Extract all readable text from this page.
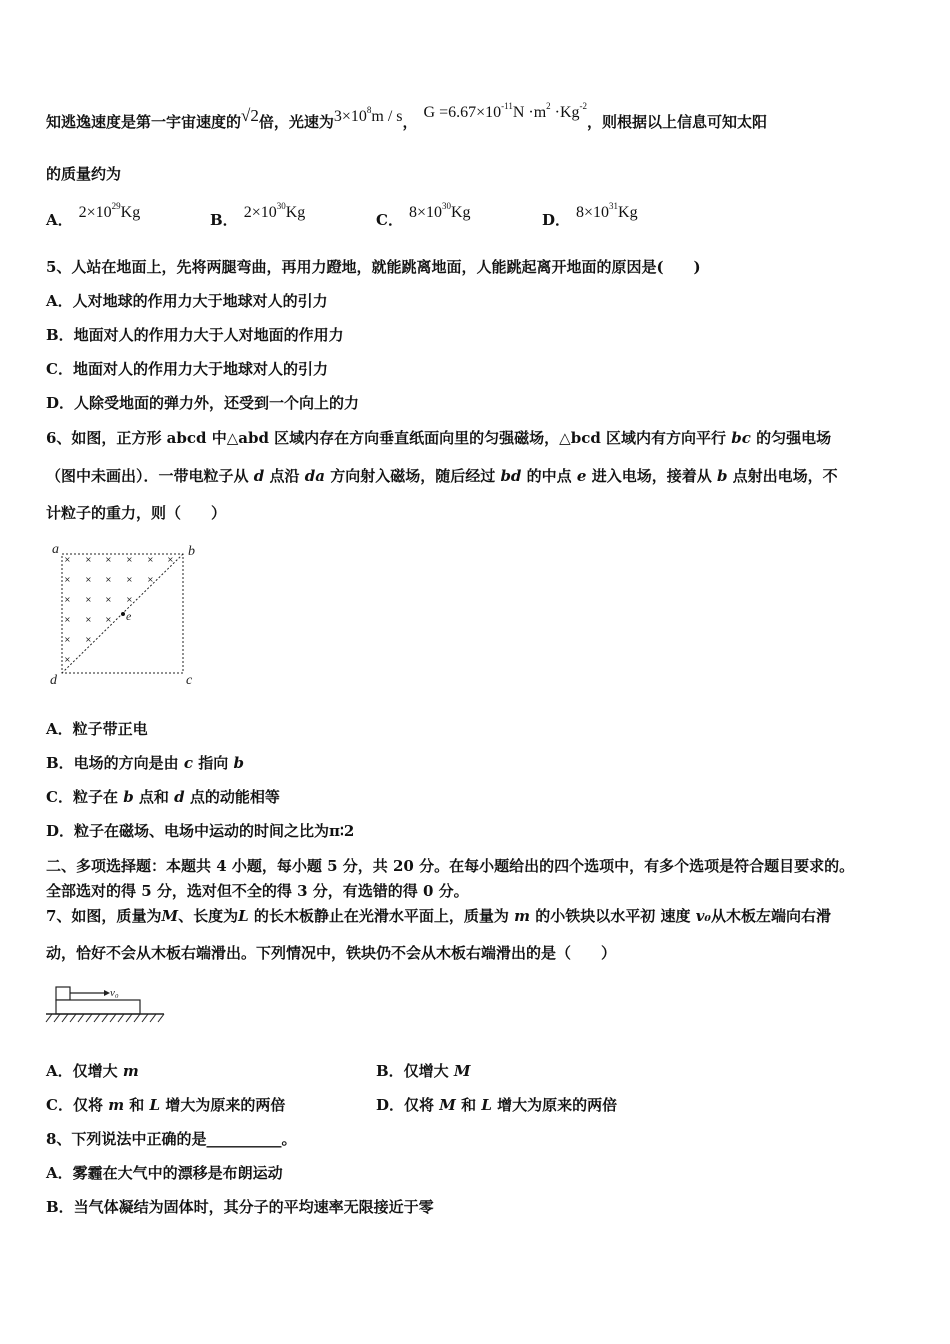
知逃逸速度是第一宇宙速度的√2倍，光速为$3\times 10^8m / s$，$G =6.67\times 10^{-11}N \cdot m^2 \cdot Kg^{-2}$，则根据以上信息可知太阳
的质量约为
A． $2\times 10^{29}Kg$	B． $2\times 10^{30}Kg$	C． $8\times 10^{30}Kg$	D． $8\times 10^{31}Kg$
5、人站在地面上，先将两腿弯曲，再用力蹬地，就能跳离地面，人能跳起离开地面的原因是(　　)
A．人对地球的作用力大于地球对人的引力
B．地面对人的作用力大于人对地面的作用力
C．地面对人的作用力大于地球对人的引力
D．人除受地面的弹力外，还受到一个向上的力
6、如图，正方形 abcd 中△abd 区域内存在方向垂直纸面向里的匀强磁场，△bcd 区域内有方向平行 bc 的匀强电场
（图中未画出）．一带电粒子从 d 点沿 da 方向射入磁场，随后经过 bd 的中点 e 进入电场，接着从 b 点射出电场，不
计粒子的重力，则（　　）
× × × × × ×
× × × × ×
× × × ×
× × ×
× ×
×
a	b
c
d
e
A．粒子带正电
B．电场的方向是由 c 指向 b
C．粒子在 b 点和 d 点的动能相等
D．粒子在磁场、电场中运动的时间之比为π∶2
二、多项选择题：本题共 4 小题，每小题 5 分，共 20 分。在每小题给出的四个选项中，有多个选项是符合题目要求的。
全部选对的得 5 分，选对但不全的得 3 分，有选错的得 0 分。
7、如图，质量为M、长度为L 的长木板静止在光滑水平面上，质量为 m 的小铁块以水平初 速度 v₀从木板左端向右滑
动，恰好不会从木板右端滑出。下列情况中，铁块仍不会从木板右端滑出的是（　　）
v₀
A．仅增大 m	B．仅增大 M
C．仅将 m 和 L 增大为原来的两倍	D．仅将 M 和 L 增大为原来的两倍
8、下列说法中正确的是__________。
A．雾霾在大气中的漂移是布朗运动
B．当气体凝结为固体时，其分子的平均速率无限接近于零
